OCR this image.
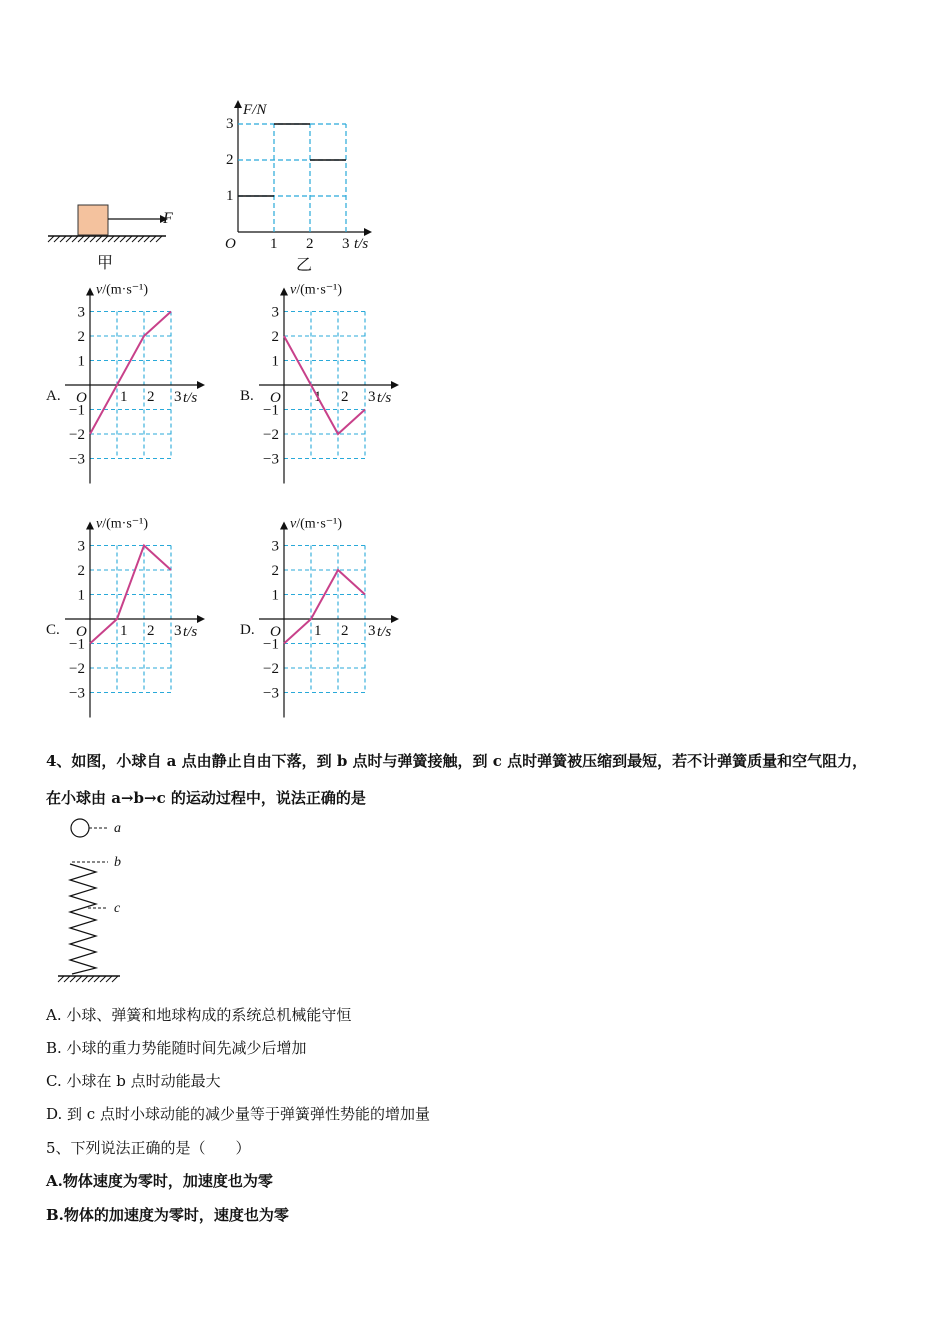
F
甲
F/N
t/s
O 1 2 3
1
2
3
乙
v/(m·s⁻¹)
t/s
O
A.	1 2 3
−3
−2
−1
1
2
3
v/(m·s⁻¹)
t/s
O
B.	1 2 3
−3
−2
−1
1
2
3
v/(m·s⁻¹)
t/s
O
C.	1 2 3
−3
−2
−1
1
2
3
v/(m·s⁻¹)
t/s
O
D.	1 2 3
−3
−2
−1
1
2
3
4、如图，小球自 a 点由静止自由下落，到 b 点时与弹簧接触，到 c 点时弹簧被压缩到最短，若不计弹簧质量和空气阻力，
在小球由 a→b→c 的运动过程中，说法正确的是
a
b
c
A. 小球、弹簧和地球构成的系统总机械能守恒
B. 小球的重力势能随时间先减少后增加
C. 小球在 b 点时动能最大
D. 到 c 点时小球动能的减少量等于弹簧弹性势能的增加量
5、下列说法正确的是（　　）
A.物体速度为零时，加速度也为零
B.物体的加速度为零时，速度也为零
